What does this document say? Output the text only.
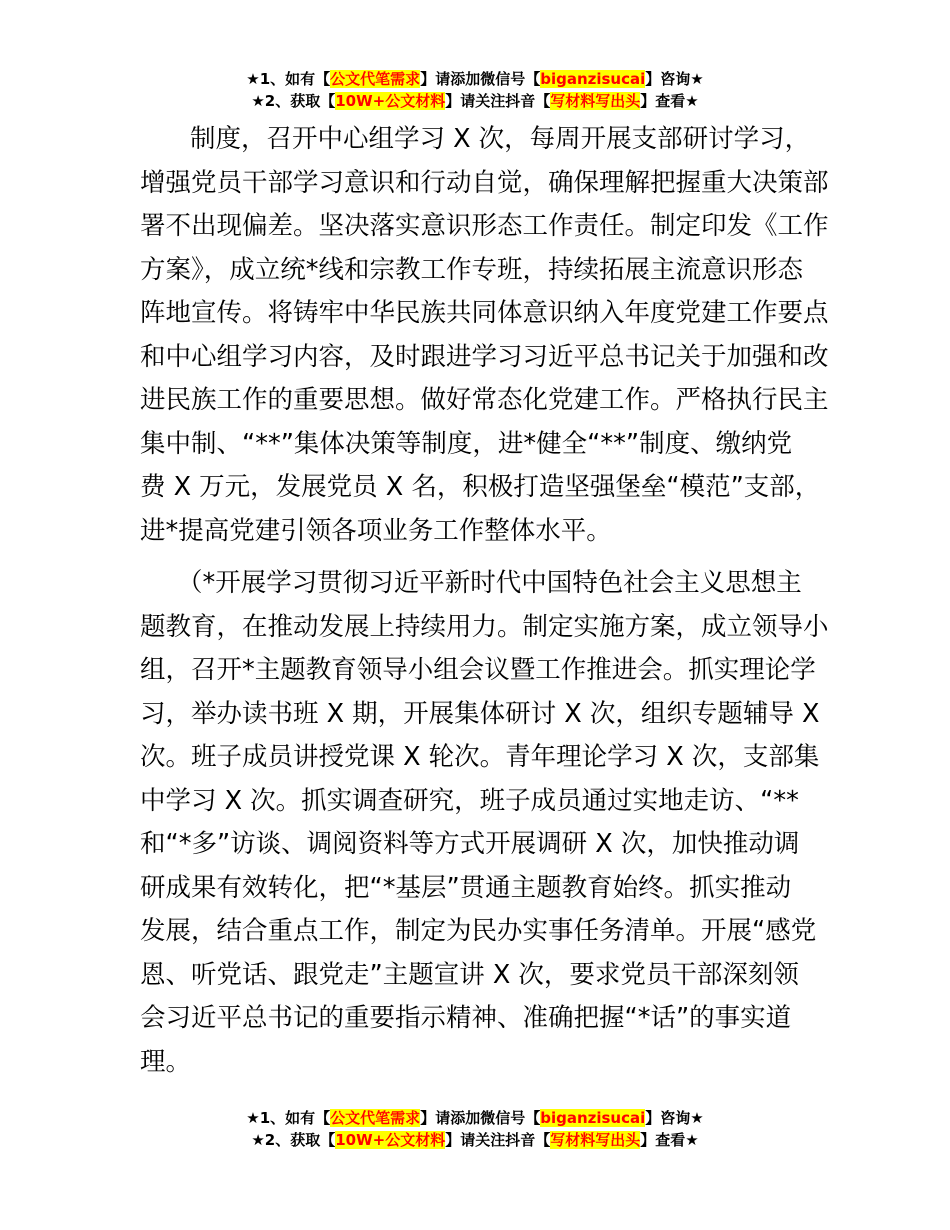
★1、如有【公文代笔需求】请添加微信号【biganzisucai】咨询★
★2、获取【10W+公文材料】请关注抖音【写材料写出头】查看★
制度，召开中心组学习 X 次，每周开展支部研讨学习，
增强党员干部学习意识和行动自觉，确保理解把握重大决策部
署不出现偏差。坚决落实意识形态工作责任。制定印发《工作
方案》，成立统*线和宗教工作专班，持续拓展主流意识形态
阵地宣传。将铸牢中华民族共同体意识纳入年度党建工作要点
和中心组学习内容，及时跟进学习习近平总书记关于加强和改
进民族工作的重要思想。做好常态化党建工作。严格执行民主
集中制、“**”集体决策等制度，进*健全“**”制度、缴纳党
费 X 万元，发展党员 X 名，积极打造坚强堡垒“模范”支部，
进*提高党建引领各项业务工作整体水平。
（*开展学习贯彻习近平新时代中国特色社会主义思想主
题教育，在推动发展上持续用力。制定实施方案，成立领导小
组，召开*主题教育领导小组会议暨工作推进会。抓实理论学
习，举办读书班 X 期，开展集体研讨 X 次，组织专题辅导 X
次。班子成员讲授党课 X 轮次。青年理论学习 X 次，支部集
中学习 X 次。抓实调查研究，班子成员通过实地走访、“**
和“*多”访谈、调阅资料等方式开展调研 X 次，加快推动调
研成果有效转化，把“*基层”贯通主题教育始终。抓实推动
发展，结合重点工作，制定为民办实事任务清单。开展“感党
恩、听党话、跟党走”主题宣讲 X 次，要求党员干部深刻领
会习近平总书记的重要指示精神、准确把握“*话”的事实道
理。
★1、如有【公文代笔需求】请添加微信号【biganzisucai】咨询★
★2、获取【10W+公文材料】请关注抖音【写材料写出头】查看★
